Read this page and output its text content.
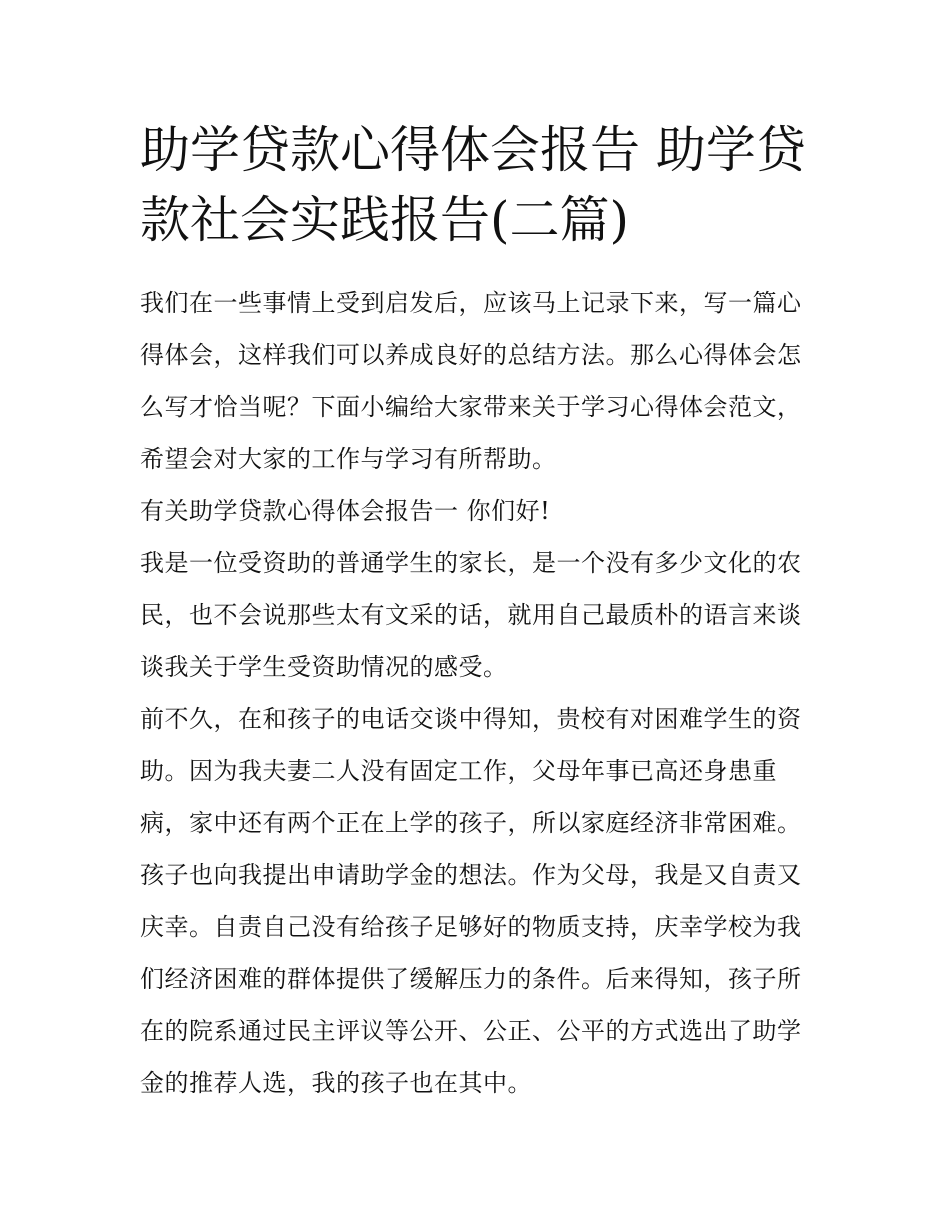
助学贷款心得体会报告 助学贷款社会实践报告(二篇)

我们在一些事情上受到启发后，应该马上记录下来，写一篇心得体会，这样我们可以养成良好的总结方法。那么心得体会怎么写才恰当呢？下面小编给大家带来关于学习心得体会范文，希望会对大家的工作与学习有所帮助。

有关助学贷款心得体会报告一 你们好!

我是一位受资助的普通学生的家长，是一个没有多少文化的农民，也不会说那些太有文采的话，就用自己最质朴的语言来谈谈我关于学生受资助情况的感受。

前不久，在和孩子的电话交谈中得知，贵校有对困难学生的资助。因为我夫妻二人没有固定工作，父母年事已高还身患重病，家中还有两个正在上学的孩子，所以家庭经济非常困难。孩子也向我提出申请助学金的想法。作为父母，我是又自责又庆幸。自责自己没有给孩子足够好的物质支持，庆幸学校为我们经济困难的群体提供了缓解压力的条件。后来得知，孩子所在的院系通过民主评议等公开、公正、公平的方式选出了助学金的推荐人选，我的孩子也在其中。
